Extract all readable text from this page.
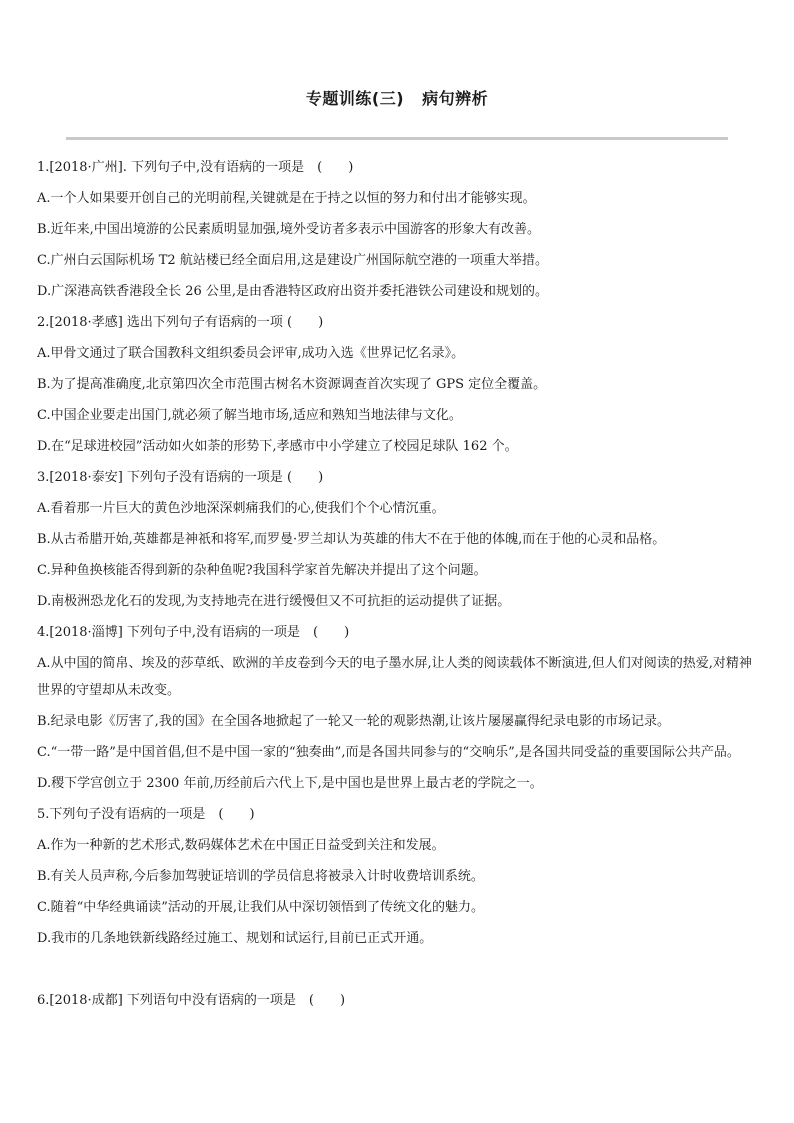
专题训练(三) 病句辨析
1.[2018·广州]. 下列句子中,没有语病的一项是　(　　)
A.一个人如果要开创自己的光明前程,关键就是在于持之以恒的努力和付出才能够实现。
B.近年来,中国出境游的公民素质明显加强,境外受访者多表示中国游客的形象大有改善。
C.广州白云国际机场 T2 航站楼已经全面启用,这是建设广州国际航空港的一项重大举措。
D.广深港高铁香港段全长 26 公里,是由香港特区政府出资并委托港铁公司建设和规划的。
2.[2018·孝感] 选出下列句子有语病的一项 (　　)
A.甲骨文通过了联合国教科文组织委员会评审,成功入选《世界记忆名录》。
B.为了提高准确度,北京第四次全市范围古树名木资源调查首次实现了 GPS 定位全覆盖。
C.中国企业要走出国门,就必须了解当地市场,适应和熟知当地法律与文化。
D.在“足球进校园”活动如火如荼的形势下,孝感市中小学建立了校园足球队 162 个。
3.[2018·泰安] 下列句子没有语病的一项是 (　　)
A.看着那一片巨大的黄色沙地深深刺痛我们的心,使我们个个心情沉重。
B.从古希腊开始,英雄都是神祇和将军,而罗曼·罗兰却认为英雄的伟大不在于他的体魄,而在于他的心灵和品格。
C.异种鱼换核能否得到新的杂种鱼呢?我国科学家首先解决并提出了这个问题。
D.南极洲恐龙化石的发现,为支持地壳在进行缓慢但又不可抗拒的运动提供了证据。
4.[2018·淄博] 下列句子中,没有语病的一项是　(　　)
A.从中国的简帛、埃及的莎草纸、欧洲的羊皮卷到今天的电子墨水屏,让人类的阅读载体不断演进,但人们对阅读的热爱,对精神世界的守望却从未改变。
B.纪录电影《厉害了,我的国》在全国各地掀起了一轮又一轮的观影热潮,让该片屡屡赢得纪录电影的市场记录。
C.“一带一路”是中国首倡,但不是中国一家的“独奏曲”,而是各国共同参与的“交响乐”,是各国共同受益的重要国际公共产品。
D.稷下学宫创立于 2300 年前,历经前后六代上下,是中国也是世界上最古老的学院之一。
5.下列句子没有语病的一项是　(　　)
A.作为一种新的艺术形式,数码媒体艺术在中国正日益受到关注和发展。
B.有关人员声称,今后参加驾驶证培训的学员信息将被录入计时收费培训系统。
C.随着“中华经典诵读”活动的开展,让我们从中深切领悟到了传统文化的魅力。
D.我市的几条地铁新线路经过施工、规划和试运行,目前已正式开通。
6.[2018·成都] 下列语句中没有语病的一项是　(　　)
